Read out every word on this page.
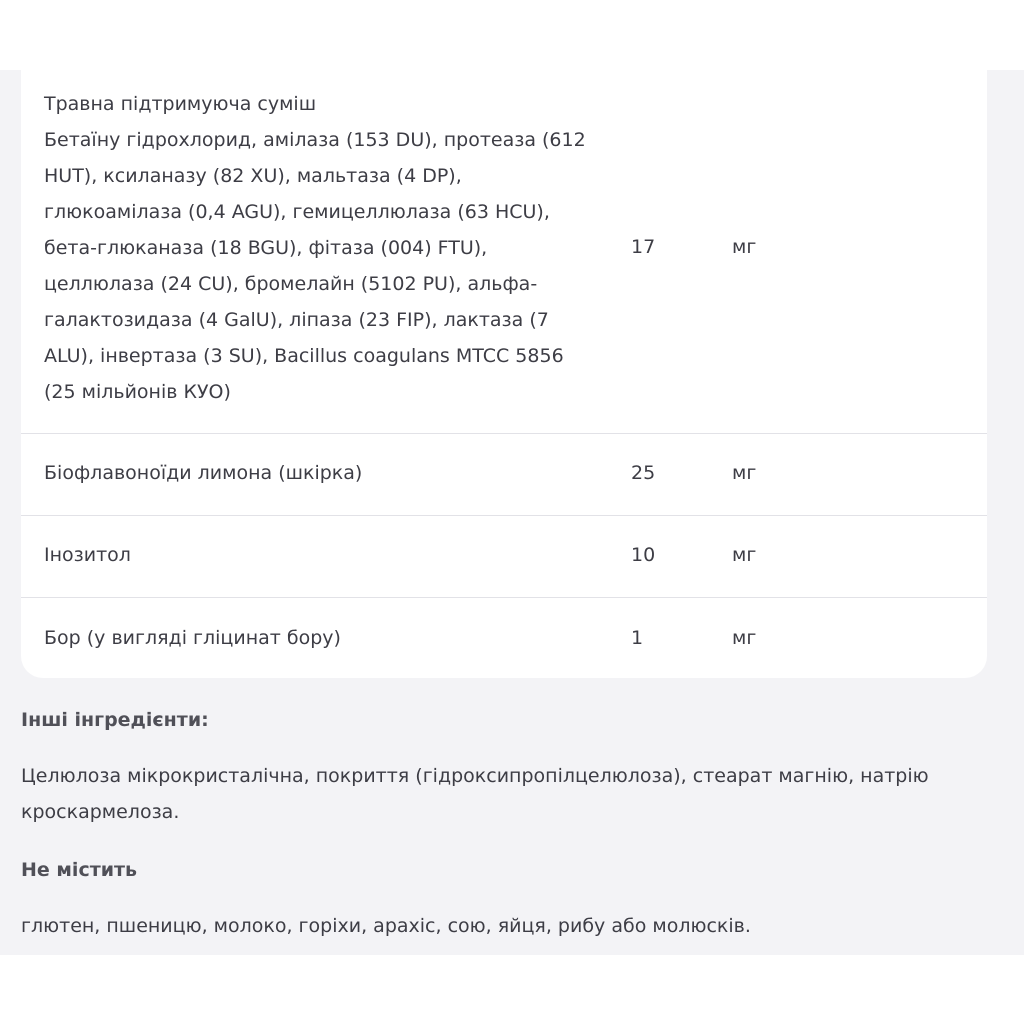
Травна підтримуюча суміш
Бетаїну гідрохлорид, амілаза (153 DU), протеаза (612
HUT), ксиланазу (82 XU), мальтаза (4 DP),
глюкоамілаза (0,4 AGU), гемицеллюлаза (63 HCU),
бета-глюканаза (18 BGU), фітаза (004) FTU),
целлюлаза (24 CU), бромелайн (5102 PU), альфа-
галактозидаза (4 GalU), ліпаза (23 FIP), лактаза (7
ALU), інвертаза (3 SU), Bacillus coagulans MTCC 5856
(25 мільйонів КУО)
17	мг
Біофлавоноїди лимона (шкірка)	25	мг
Інозитол	10	мг
Бор (у вигляді гліцинат бору)	1	мг
Інші інгредієнти:
Целюлоза мікрокристалічна, покриття (гідроксипропілцелюлоза), стеарат магнію, натрію
кроскармелоза.
Не містить
глютен, пшеницю, молоко, горіхи, арахіс, сою, яйця, рибу або молюсків.
